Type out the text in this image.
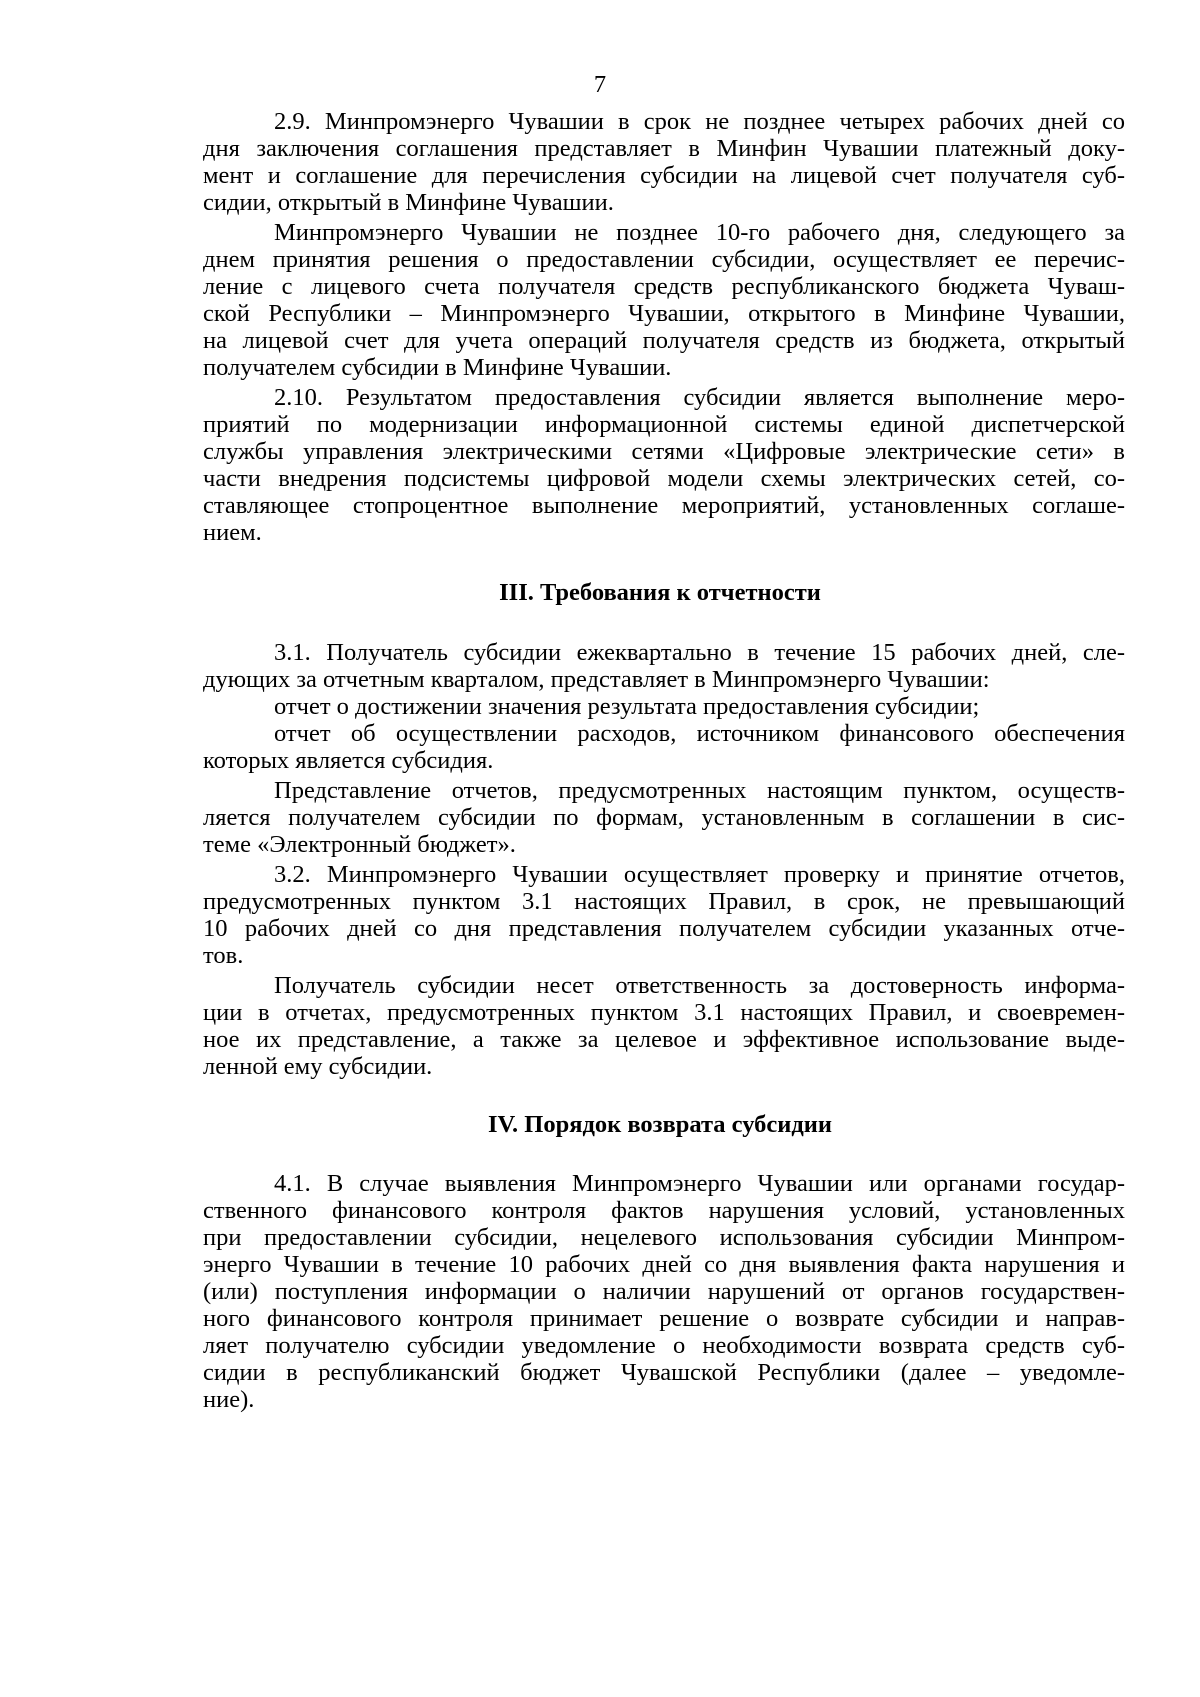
7
2.9. Минпромэнерго Чувашии в срок не позднее четырех рабочих дней со
дня заключения соглашения представляет в Минфин Чувашии платежный доку-
мент и соглашение для перечисления субсидии на лицевой счет получателя суб-
сидии, открытый в Минфине Чувашии.
Минпромэнерго Чувашии не позднее 10-го рабочего дня, следующего за
днем принятия решения о предоставлении субсидии, осуществляет ее перечис-
ление с лицевого счета получателя средств республиканского бюджета Чуваш-
ской Республики – Минпромэнерго Чувашии, открытого в Минфине Чувашии,
на лицевой счет для учета операций получателя средств из бюджета, открытый
получателем субсидии в Минфине Чувашии.
2.10. Результатом предоставления субсидии является выполнение меро-
приятий по модернизации информационной системы единой диспетчерской
службы управления электрическими сетями «Цифровые электрические сети» в
части внедрения подсистемы цифровой модели схемы электрических сетей, со-
ставляющее стопроцентное выполнение мероприятий, установленных соглаше-
нием.
III. Требования к отчетности
3.1. Получатель субсидии ежеквартально в течение 15 рабочих дней, сле-
дующих за отчетным кварталом, представляет в Минпромэнерго Чувашии:
отчет о достижении значения результата предоставления субсидии;
отчет об осуществлении расходов, источником финансового обеспечения
которых является субсидия.
Представление отчетов, предусмотренных настоящим пунктом, осуществ-
ляется получателем субсидии по формам, установленным в соглашении в сис-
теме «Электронный бюджет».
3.2. Минпромэнерго Чувашии осуществляет проверку и принятие отчетов,
предусмотренных пунктом 3.1 настоящих Правил, в срок, не превышающий
10 рабочих дней со дня представления получателем субсидии указанных отче-
тов.
Получатель субсидии несет ответственность за достоверность информа-
ции в отчетах, предусмотренных пунктом 3.1 настоящих Правил, и своевремен-
ное их представление, а также за целевое и эффективное использование выде-
ленной ему субсидии.
IV. Порядок возврата субсидии
4.1. В случае выявления Минпромэнерго Чувашии или органами государ-
ственного финансового контроля фактов нарушения условий, установленных
при предоставлении субсидии, нецелевого использования субсидии Минпром-
энерго Чувашии в течение 10 рабочих дней со дня выявления факта нарушения и
(или) поступления информации о наличии нарушений от органов государствен-
ного финансового контроля принимает решение о возврате субсидии и направ-
ляет получателю субсидии уведомление о необходимости возврата средств суб-
сидии в республиканский бюджет Чувашской Республики (далее – уведомле-
ние).
